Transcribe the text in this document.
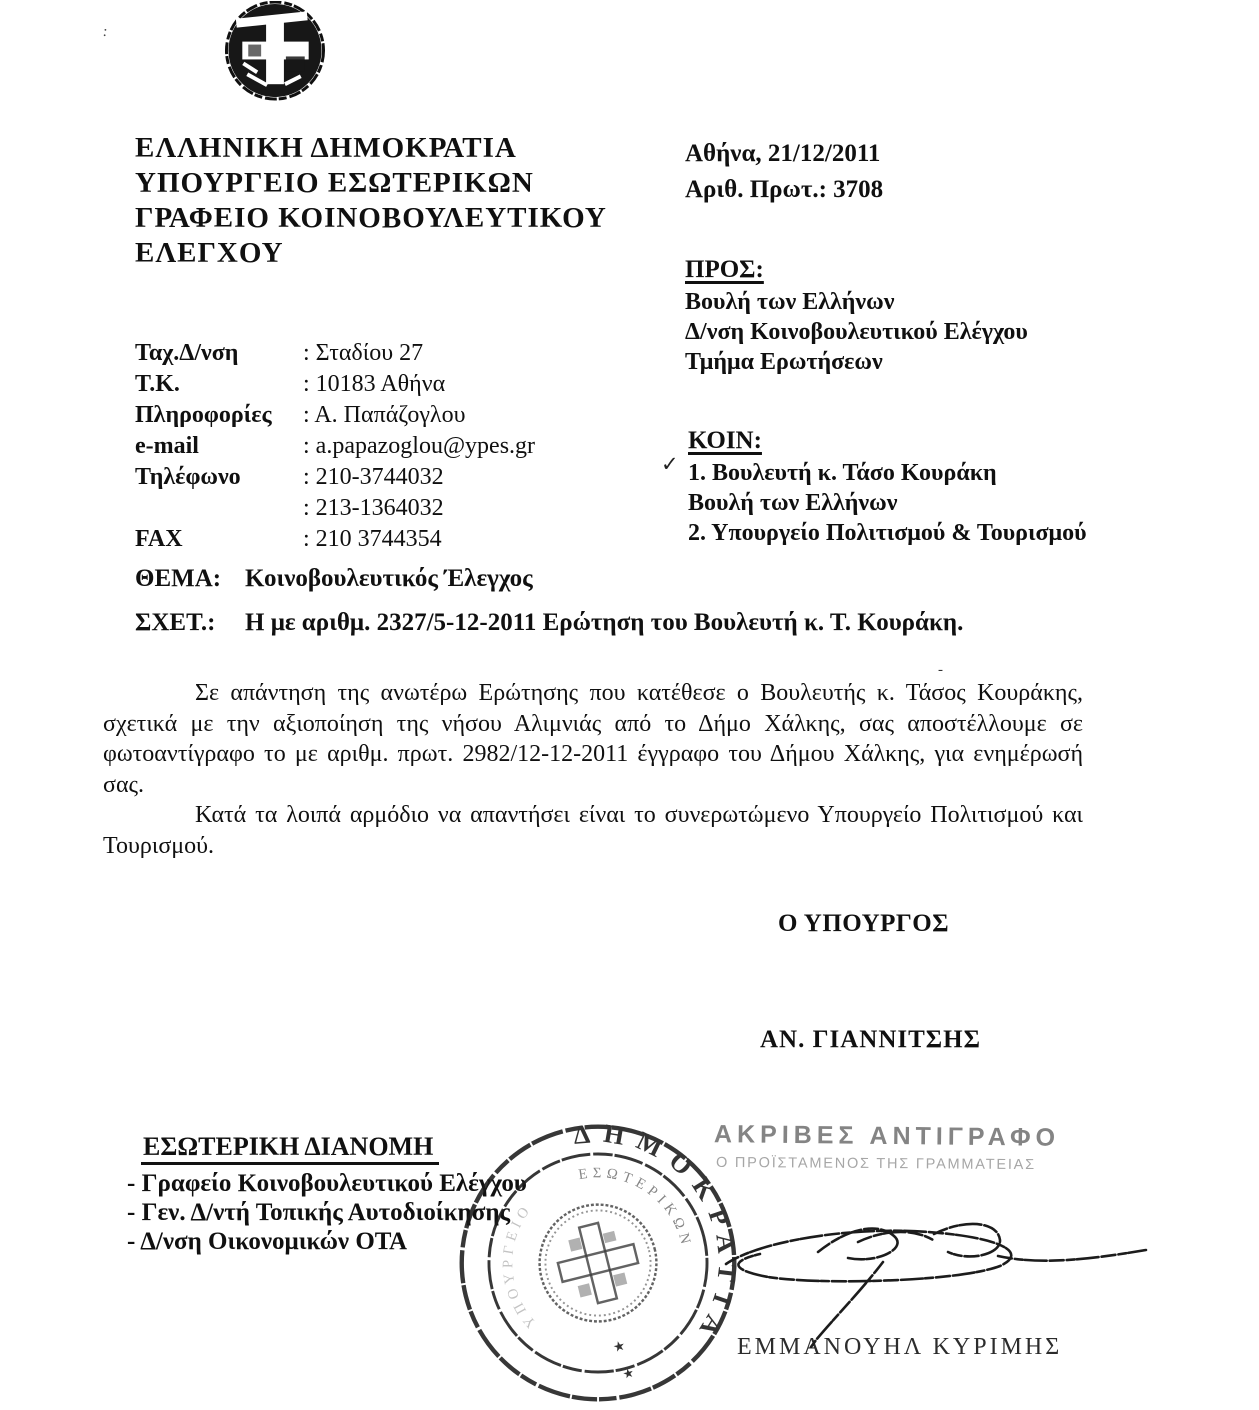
:
-
ΕΛΛΗΝΙΚΗ ΔΗΜΟΚΡΑΤΙΑ
ΥΠΟΥΡΓΕΙΟ ΕΣΩΤΕΡΙΚΩΝ
ΓΡΑΦΕΙΟ ΚΟΙΝΟΒΟΥΛΕΥΤΙΚΟΥ
ΕΛΕΓΧΟΥ
Αθήνα, 21/12/2011
Αριθ. Πρωτ.: 3708
ΠΡΟΣ:
Βουλή των Ελλήνων
Δ/νση Κοινοβουλευτικού Ελέγχου
Τμήμα Ερωτήσεων
Ταχ.Δ/νση	: Σταδίου 27
Τ.Κ.	: 10183 Αθήνα
Πληροφορίες	: Α. Παπάζογλου
e-mail	: a.papazoglou@ypes.gr
Τηλέφωνο	: 210-3744032
: 213-1364032
FAX	: 210 3744354
✓
ΚΟΙΝ:
1. Βουλευτή κ. Τάσο Κουράκη
Βουλή των Ελλήνων
2. Υπουργείο Πολιτισμού & Τουρισμού
ΘΕΜΑ: Κοινοβουλευτικός Έλεγχος
ΣΧΕΤ.:	Η με αριθμ. 2327/5-12-2011 Ερώτηση του Βουλευτή κ. Τ. Κουράκη.

Σε απάντηση της ανωτέρω Ερώτησης που κατέθεσε ο Βουλευτής κ. Τάσος Κουράκης, σχετικά με την αξιοποίηση της νήσου Αλιμνιάς από το Δήμο Χάλκης, σας αποστέλλουμε σε φωτοαντίγραφο το με αριθμ. πρωτ. 2982/12-12-2011 έγγραφο του Δήμου Χάλκης, για ενημέρωσή σας.

Κατά τα λοιπά αρμόδιο να απαντήσει είναι το συνερωτώμενο Υπουργείο Πολιτισμού και Τουρισμού.

Ο ΥΠΟΥΡΓΟΣ
ΑΝ. ΓΙΑΝΝΙΤΣΗΣ
ΕΣΩΤΕΡΙΚΗ ΔΙΑΝΟΜΗ
- Γραφείο Κοινοβουλευτικού Ελέγχου
- Γεν. Δ/ντή Τοπικής Αυτοδιοίκησης
- Δ/νση Οικονομικών ΟΤΑ
ΔΗΜΟΚΡΑΤΙΑ
ΕΣΩΤΕΡΙΚΩΝ
ΥΠΟΥΡΓΕΙΟ
★
★
ΑΚΡΙΒΕΣ ΑΝΤΙΓΡΑΦΟ
Ο ΠΡΟΪΣΤΑΜΕΝΟΣ ΤΗΣ ΓΡΑΜΜΑΤΕΙΑΣ
ΕΜΜΑΝΟΥΗΛ ΚΥΡΙΜΗΣ
